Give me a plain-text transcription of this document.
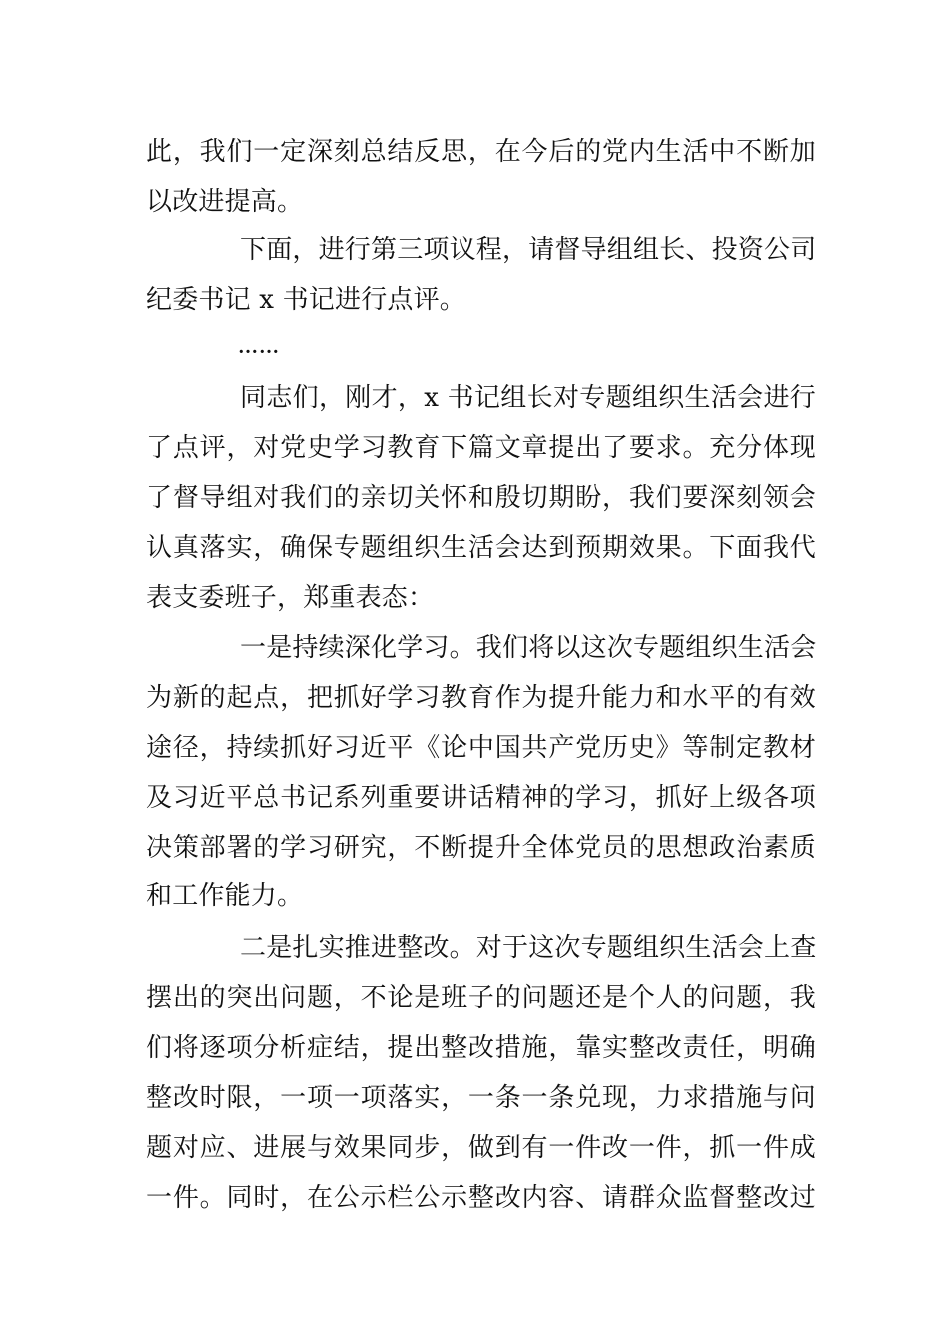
此，我们一定深刻总结反思，在今后的党内生活中不断加
以改进提高。
下面，进行第三项议程，请督导组组长、投资公司
纪委书记 x 书记进行点评。
……
同志们，刚才，x 书记组长对专题组织生活会进行
了点评，对党史学习教育下篇文章提出了要求。充分体现
了督导组对我们的亲切关怀和殷切期盼，我们要深刻领会
认真落实，确保专题组织生活会达到预期效果。下面我代
表支委班子，郑重表态：
一是持续深化学习。我们将以这次专题组织生活会
为新的起点，把抓好学习教育作为提升能力和水平的有效
途径，持续抓好习近平《论中国共产党历史》等制定教材
及习近平总书记系列重要讲话精神的学习，抓好上级各项
决策部署的学习研究，不断提升全体党员的思想政治素质
和工作能力。
二是扎实推进整改。对于这次专题组织生活会上查
摆出的突出问题，不论是班子的问题还是个人的问题，我
们将逐项分析症结，提出整改措施，靠实整改责任，明确
整改时限，一项一项落实，一条一条兑现，力求措施与问
题对应、进展与效果同步，做到有一件改一件，抓一件成
一件。同时，在公示栏公示整改内容、请群众监督整改过
